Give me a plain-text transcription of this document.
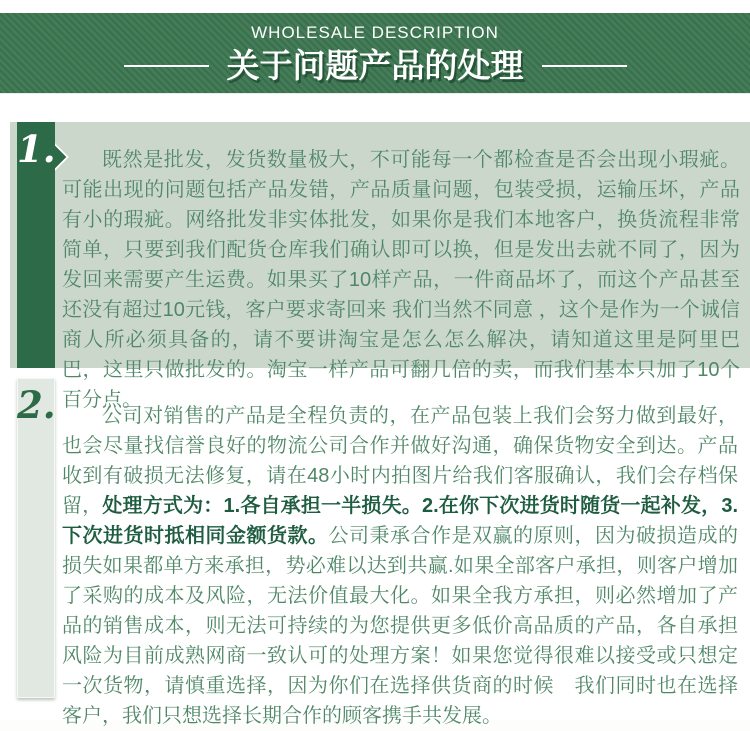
WHOLESALE DESCRIPTION
关于问题产品的处理
1.	既然是批发，发货数量极大，不可能每一个都检查是否会出现小瑕疵。可能出现的问题包括产品发错，产品质量问题，包装受损，运输压坏，产品有小的瑕疵。网络批发非实体批发，如果你是我们本地客户，换货流程非常简单，只要到我们配货仓库我们确认即可以换，但是发出去就不同了，因为发回来需要产生运费。如果买了10样产品，一件商品坏了，而这个产品甚至还没有超过10元钱，客户要求寄回来 我们当然不同意 ，这个是作为一个诚信商人所必须具备的，请不要讲淘宝是怎么怎么解决，请知道这里是阿里巴巴，这里只做批发的。淘宝一样产品可翻几倍的卖，而我们基本只加了10个百分点。

2.	公司对销售的产品是全程负责的，在产品包装上我们会努力做到最好，也会尽量找信誉良好的物流公司合作并做好沟通，确保货物安全到达。产品收到有破损无法修复，请在48小时内拍图片给我们客服确认，我们会存档保留，处理方式为：1.各自承担一半损失。2.在你下次进货时随货一起补发，3.下次进货时抵相同金额货款。公司秉承合作是双赢的原则，因为破损造成的损失如果都单方来承担，势必难以达到共赢.如果全部客户承担，则客户增加了采购的成本及风险，无法价值最大化。如果全我方承担，则必然增加了产品的销售成本，则无法可持续的为您提供更多低价高品质的产品，各自承担风险为目前成熟网商一致认可的处理方案！如果您觉得很难以接受或只想定一次货物，请慎重选择，因为你们在选择供货商的时候　我们同时也在选择客户，我们只想选择长期合作的顾客携手共发展。
